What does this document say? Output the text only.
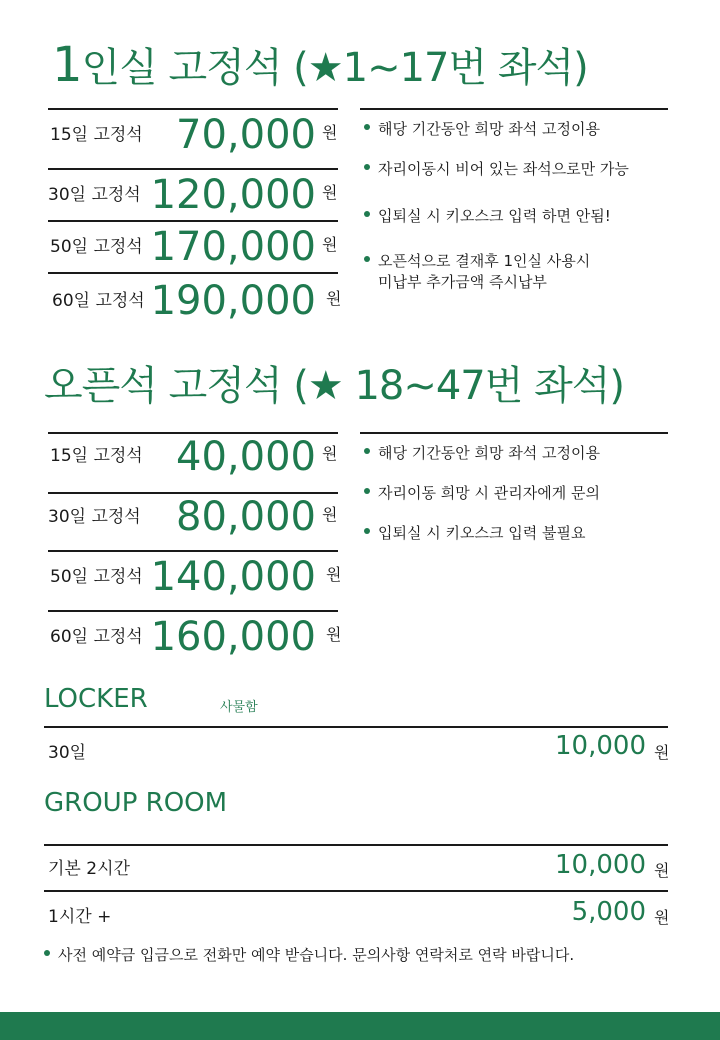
1인실 고정석 (★1~17번 좌석)
15일 고정석 70,000 원
30일 고정석 120,000 원
50일 고정석 170,000 원
60일 고정석 190,000 원
해당 기간동안 희망 좌석 고정이용
자리이동시 비어 있는 좌석으로만 가능
입퇴실 시 키오스크 입력 하면 안됨!
오픈석으로 결재후 1인실 사용시
미납부 추가금액 즉시납부
오픈석 고정석 (★ 18~47번 좌석)
15일 고정석 40,000 원
30일 고정석 80,000 원
50일 고정석 140,000 원
60일 고정석 160,000 원
해당 기간동안 희망 좌석 고정이용
자리이동 희망 시 관리자에게 문의
입퇴실 시 키오스크 입력 불필요
LOCKER	사물함
30일	10,000 원
GROUP ROOM
기본 2시간	10,000 원
1시간 +	5,000 원
사전 예약금 입금으로 전화만 예약 받습니다. 문의사항 연락처로 연락 바랍니다.
